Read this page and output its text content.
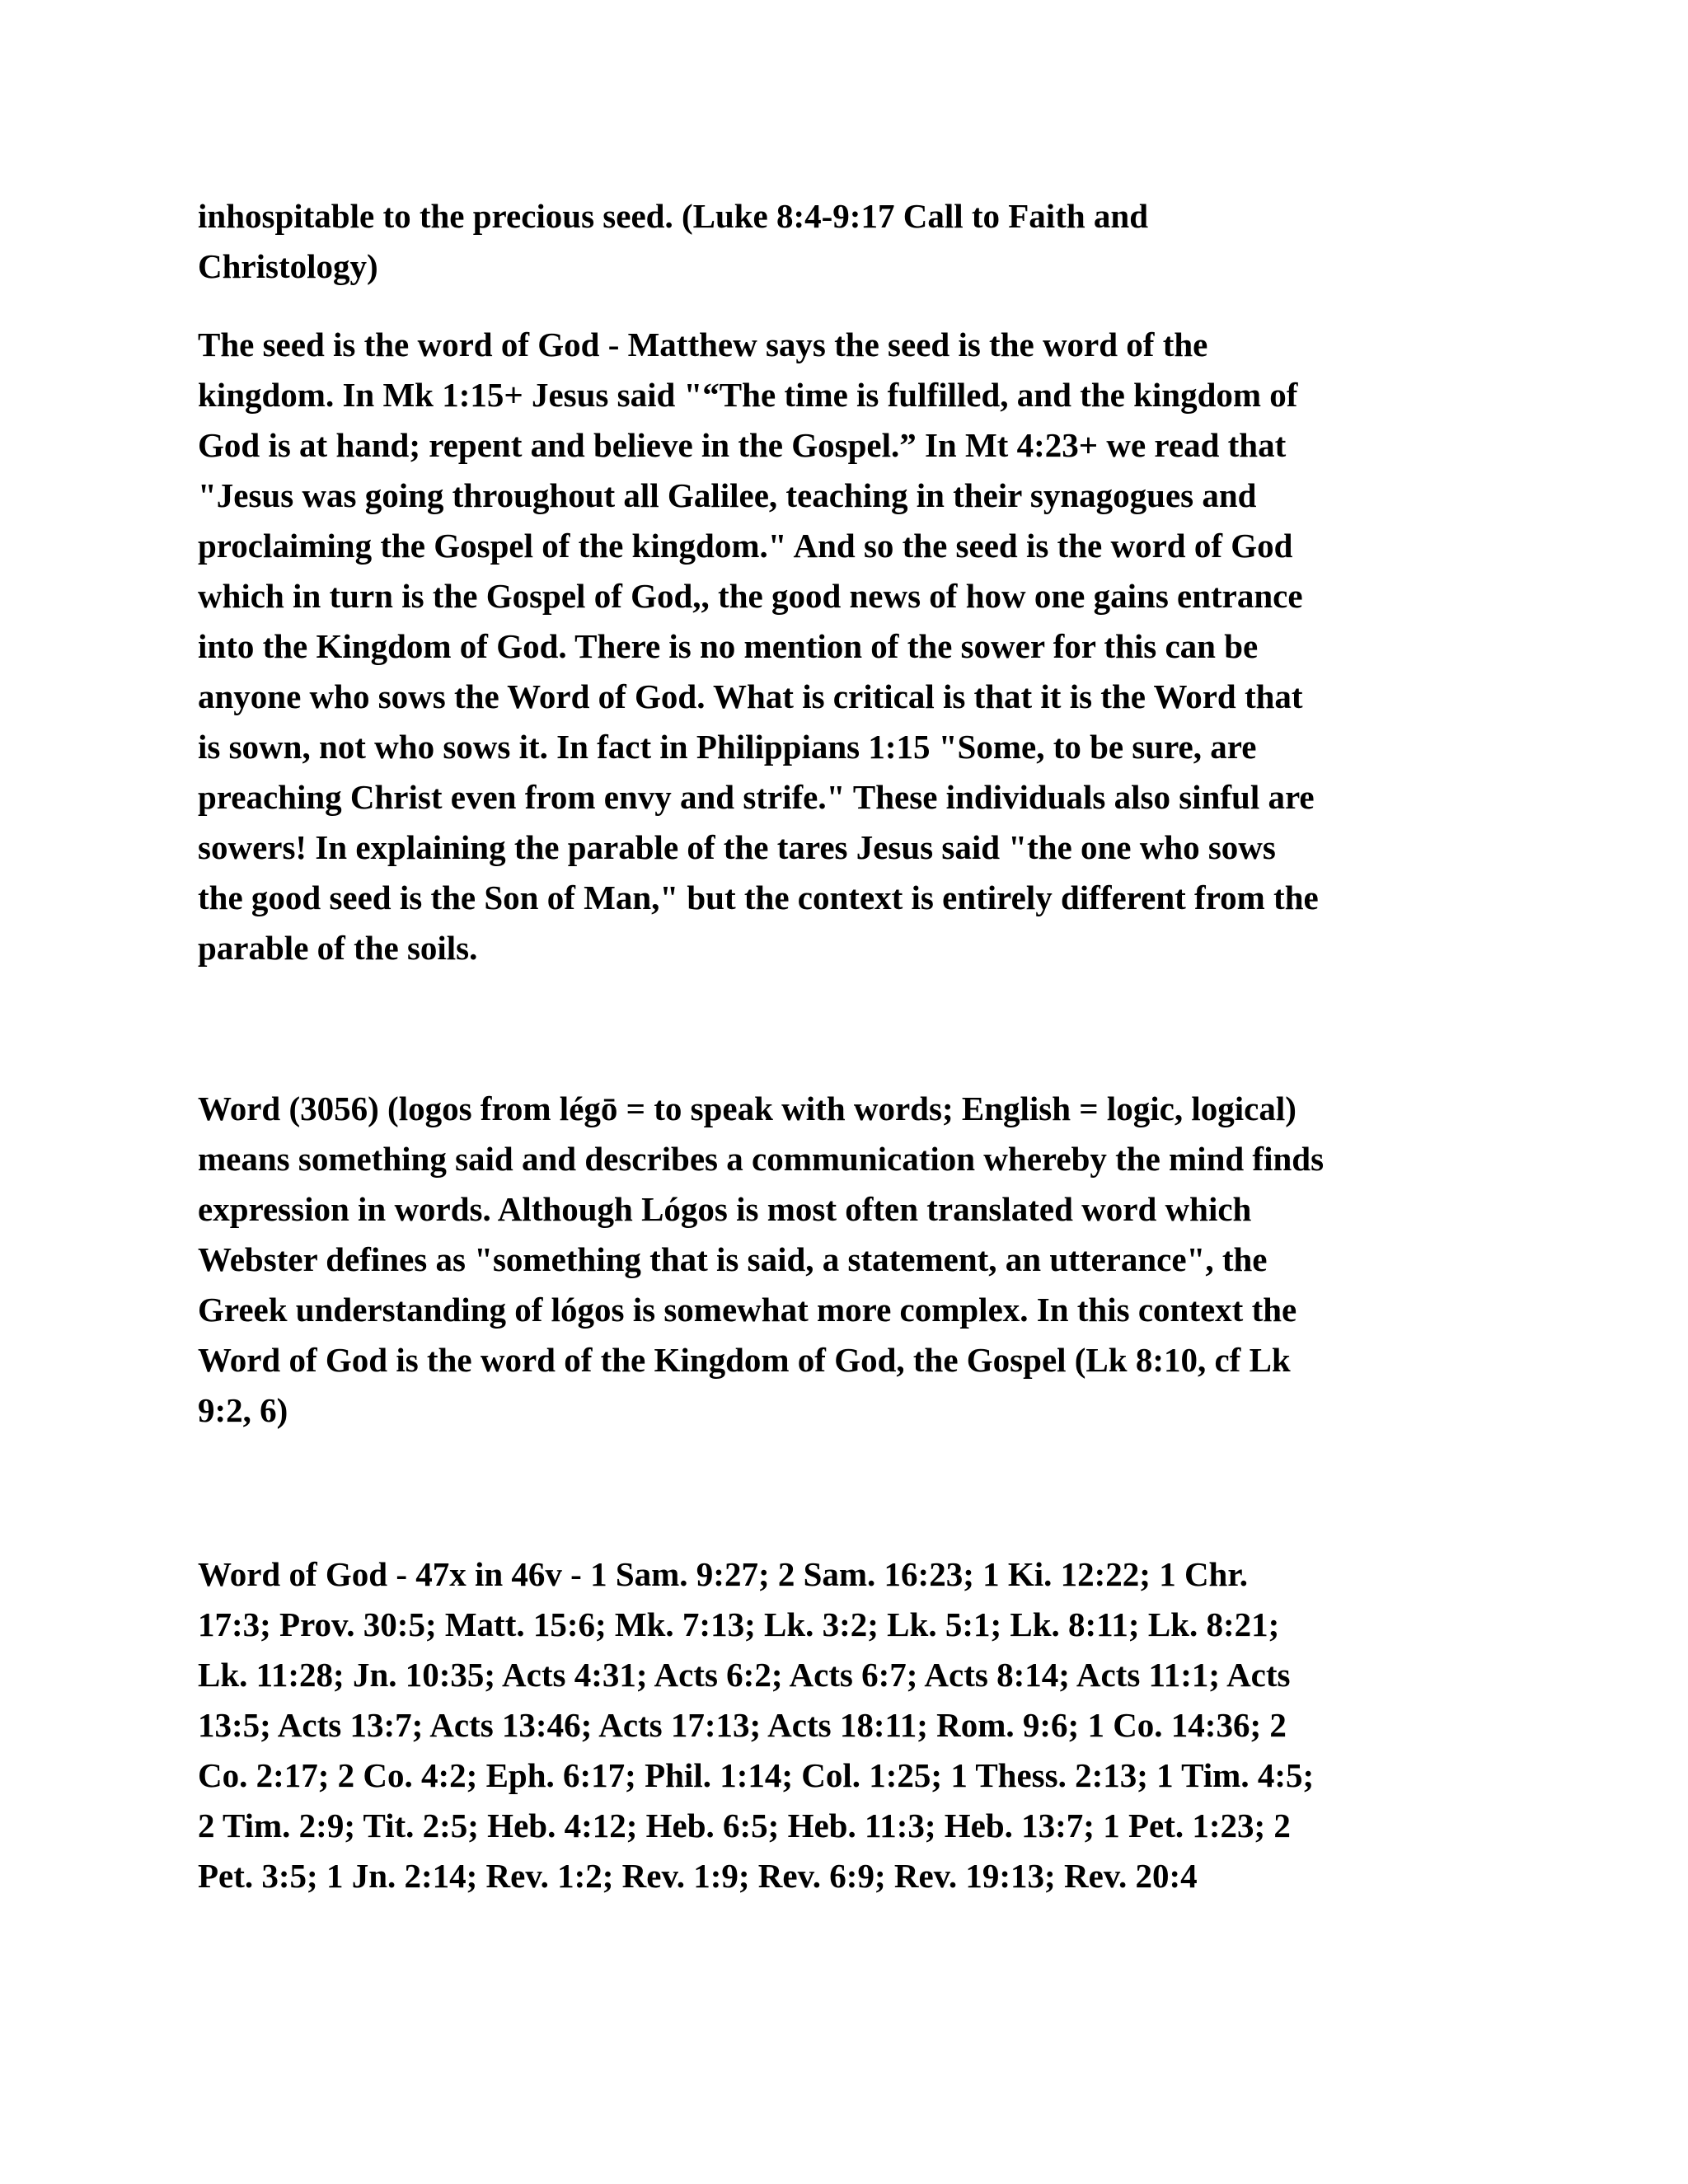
inhospitable to the precious seed. (Luke 8:4-9:17 Call to Faith and
Christology)

The seed is the word of God - Matthew says the seed is the word of the
kingdom. In Mk 1:15+ Jesus said "“The time is fulfilled, and the kingdom of
God is at hand; repent and believe in the Gospel.” In Mt 4:23+ we read that
"Jesus was going throughout all Galilee, teaching in their synagogues and
proclaiming the Gospel of the kingdom." And so the seed is the word of God
which in turn is the Gospel of God,, the good news of how one gains entrance
into the Kingdom of God. There is no mention of the sower for this can be
anyone who sows the Word of God. What is critical is that it is the Word that
is sown, not who sows it. In fact in Philippians 1:15 "Some, to be sure, are
preaching Christ even from envy and strife." These individuals also sinful are
sowers! In explaining the parable of the tares Jesus said "the one who sows
the good seed is the Son of Man," but the context is entirely different from the
parable of the soils.

Word (3056) (logos from légō = to speak with words; English = logic, logical)
means something said and describes a communication whereby the mind finds
expression in words. Although Lógos is most often translated word which
Webster defines as "something that is said, a statement, an utterance", the
Greek understanding of lógos is somewhat more complex. In this context the
Word of God is the word of the Kingdom of God, the Gospel (Lk 8:10, cf Lk
9:2, 6)

Word of God - 47x in 46v - 1 Sam. 9:27; 2 Sam. 16:23; 1 Ki. 12:22; 1 Chr.
17:3; Prov. 30:5; Matt. 15:6; Mk. 7:13; Lk. 3:2; Lk. 5:1; Lk. 8:11; Lk. 8:21;
Lk. 11:28; Jn. 10:35; Acts 4:31; Acts 6:2; Acts 6:7; Acts 8:14; Acts 11:1; Acts
13:5; Acts 13:7; Acts 13:46; Acts 17:13; Acts 18:11; Rom. 9:6; 1 Co. 14:36; 2
Co. 2:17; 2 Co. 4:2; Eph. 6:17; Phil. 1:14; Col. 1:25; 1 Thess. 2:13; 1 Tim. 4:5;
2 Tim. 2:9; Tit. 2:5; Heb. 4:12; Heb. 6:5; Heb. 11:3; Heb. 13:7; 1 Pet. 1:23; 2
Pet. 3:5; 1 Jn. 2:14; Rev. 1:2; Rev. 1:9; Rev. 6:9; Rev. 19:13; Rev. 20:4
